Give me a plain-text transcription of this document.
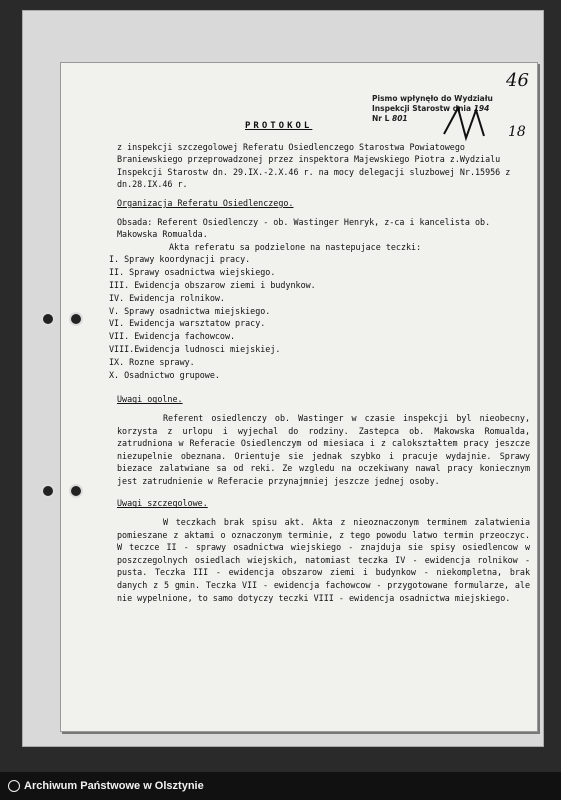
Pismo wpłynęło do Wydziału
Inspekcji Starostw dnia 194
Nr L 801
46
18
PROTOKOL

z inspekcji szczegolowej Referatu Osiedlenczego Starostwa Powiatowego Braniewskiego przeprowadzonej przez inspektora Majewskiego Piotra z.Wydzialu Inspekcji Starostw dn. 29.IX.-2.X.46 r. na mocy delegacji sluzbowej Nr.15956 z dn.28.IX.46 r.

Organizacja Referatu Osiedlenczego.

Obsada: Referent Osiedlenczy - ob. Wastinger Henryk, z-ca i kancelista ob. Makowska Romualda.

Akta referatu sa podzielone na nastepujace teczki:

I. Sprawy koordynacji pracy.
II. Sprawy osadnictwa wiejskiego.
III. Ewidencja obszarow ziemi i budynkow.
IV. Ewidencja rolnikow.
V. Sprawy osadnictwa miejskiego.
VI. Ewidencja warsztatow pracy.
VII. Ewidencja fachowcow.
VIII.Ewidencja ludnosci miejskiej.
IX. Rozne sprawy.
X. Osadnictwo grupowe.

Uwagi ogolne.

Referent osiedlenczy ob. Wastinger w czasie inspekcji byl nieobecny, korzysta z urlopu i wyjechal do rodziny. Zastepca ob. Makowska Romualda, zatrudniona w Referacie Osiedlenczym od miesiaca i z calokształtem pracy jeszcze niezupelnie obeznana. Orientuje sie jednak szybko i pracuje wydajnie. Sprawy biezace zalatwiane sa od reki. Ze wzgledu na oczekiwany nawal pracy koniecznym jest zatrudnienie w Referacie przynajmniej jeszcze jednej osoby.

Uwagi szczegolowe.

W teczkach brak spisu akt. Akta z nieoznaczonym terminem zalatwienia pomieszane z aktami o oznaczonym terminie, z tego powodu latwo termin przeoczyc. W teczce II - sprawy osadnictwa wiejskiego - znajduja sie spisy osiedlencow w poszczegolnych osiedlach wiejskich, natomiast teczka IV - ewidencja rolnikow - pusta. Teczka III - ewidencja obszarow ziemi i budynkow - niekompletna, brak danych z 5 gmin. Teczka VII - ewidencja fachowcow - przygotowane formularze, ale nie wypelnione, to samo dotyczy teczki VIII - ewidencja osadnictwa miejskiego.

Archiwum Państwowe w Olsztynie
